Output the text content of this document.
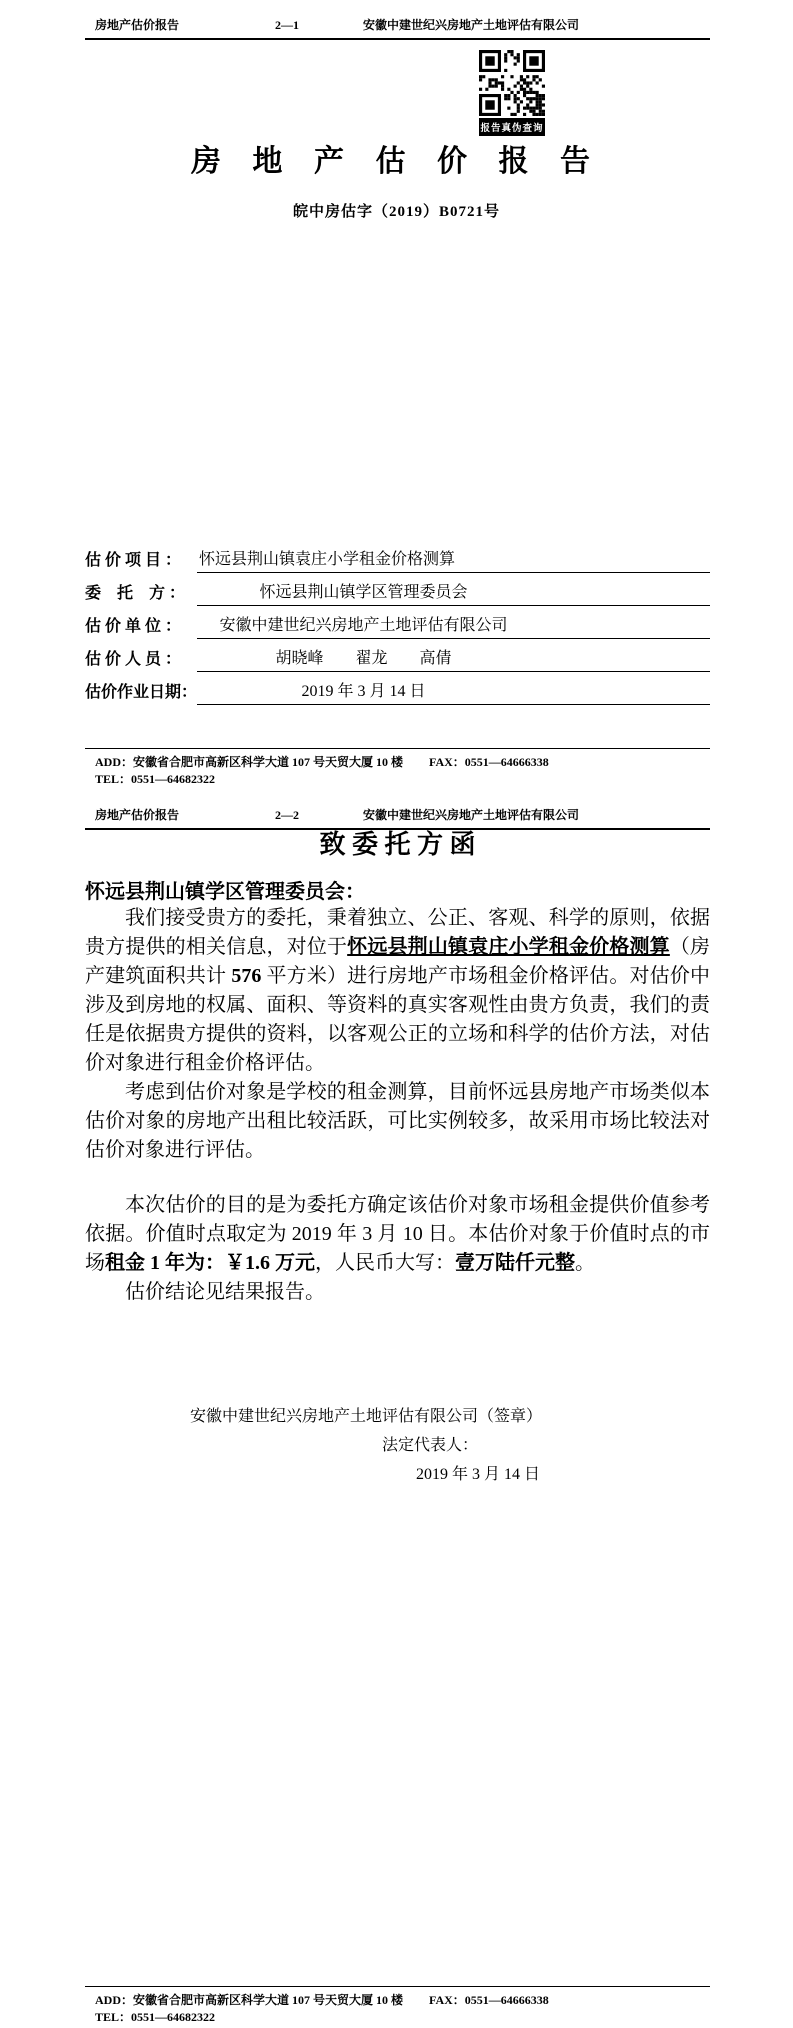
房地产估价报告	2—1	安徽中建世纪兴房地产土地评估有限公司
报告真伪查询
房 地 产 估 价 报 告
皖中房估字（2019）B0721号
估 价 项 目 ：	怀远县荆山镇袁庄小学租金价格测算
委　托　方 ：	怀远县荆山镇学区管理委员会
估 价 单 位 ：	安徽中建世纪兴房地产土地评估有限公司
估 价 人 员 ：	胡晓峰　　翟龙　　高倩
估价作业日期：	2019 年 3 月 14 日
ADD：安徽省合肥市高新区科学大道 107 号天贸大厦 10 楼 FAX：0551—64666338
TEL：0551—64682322
房地产估价报告	2—2	安徽中建世纪兴房地产土地评估有限公司
致 委 托 方 函
怀远县荆山镇学区管理委员会：

我们接受贵方的委托，秉着独立、公正、客观、科学的原则，依据贵方提供的相关信息，对位于怀远县荆山镇袁庄小学租金价格测算（房产建筑面积共计 576 平方米）进行房地产市场租金价格评估。对估价中涉及到房地的权属、面积、等资料的真实客观性由贵方负责，我们的责任是依据贵方提供的资料，以客观公正的立场和科学的估价方法，对估价对象进行租金价格评估。

考虑到估价对象是学校的租金测算，目前怀远县房地产市场类似本估价对象的房地产出租比较活跃，可比实例较多，故采用市场比较法对估价对象进行评估。

本次估价的目的是为委托方确定该估价对象市场租金提供价值参考依据。价值时点取定为 2019 年 3 月 10 日。本估价对象于价值时点的市场租金 1 年为：￥1.6 万元，人民币大写：壹万陆仟元整。

估价结论见结果报告。

安徽中建世纪兴房地产土地评估有限公司（签章）
法定代表人：
2019 年 3 月 14 日
ADD：安徽省合肥市高新区科学大道 107 号天贸大厦 10 楼 FAX：0551—64666338
TEL：0551—64682322
